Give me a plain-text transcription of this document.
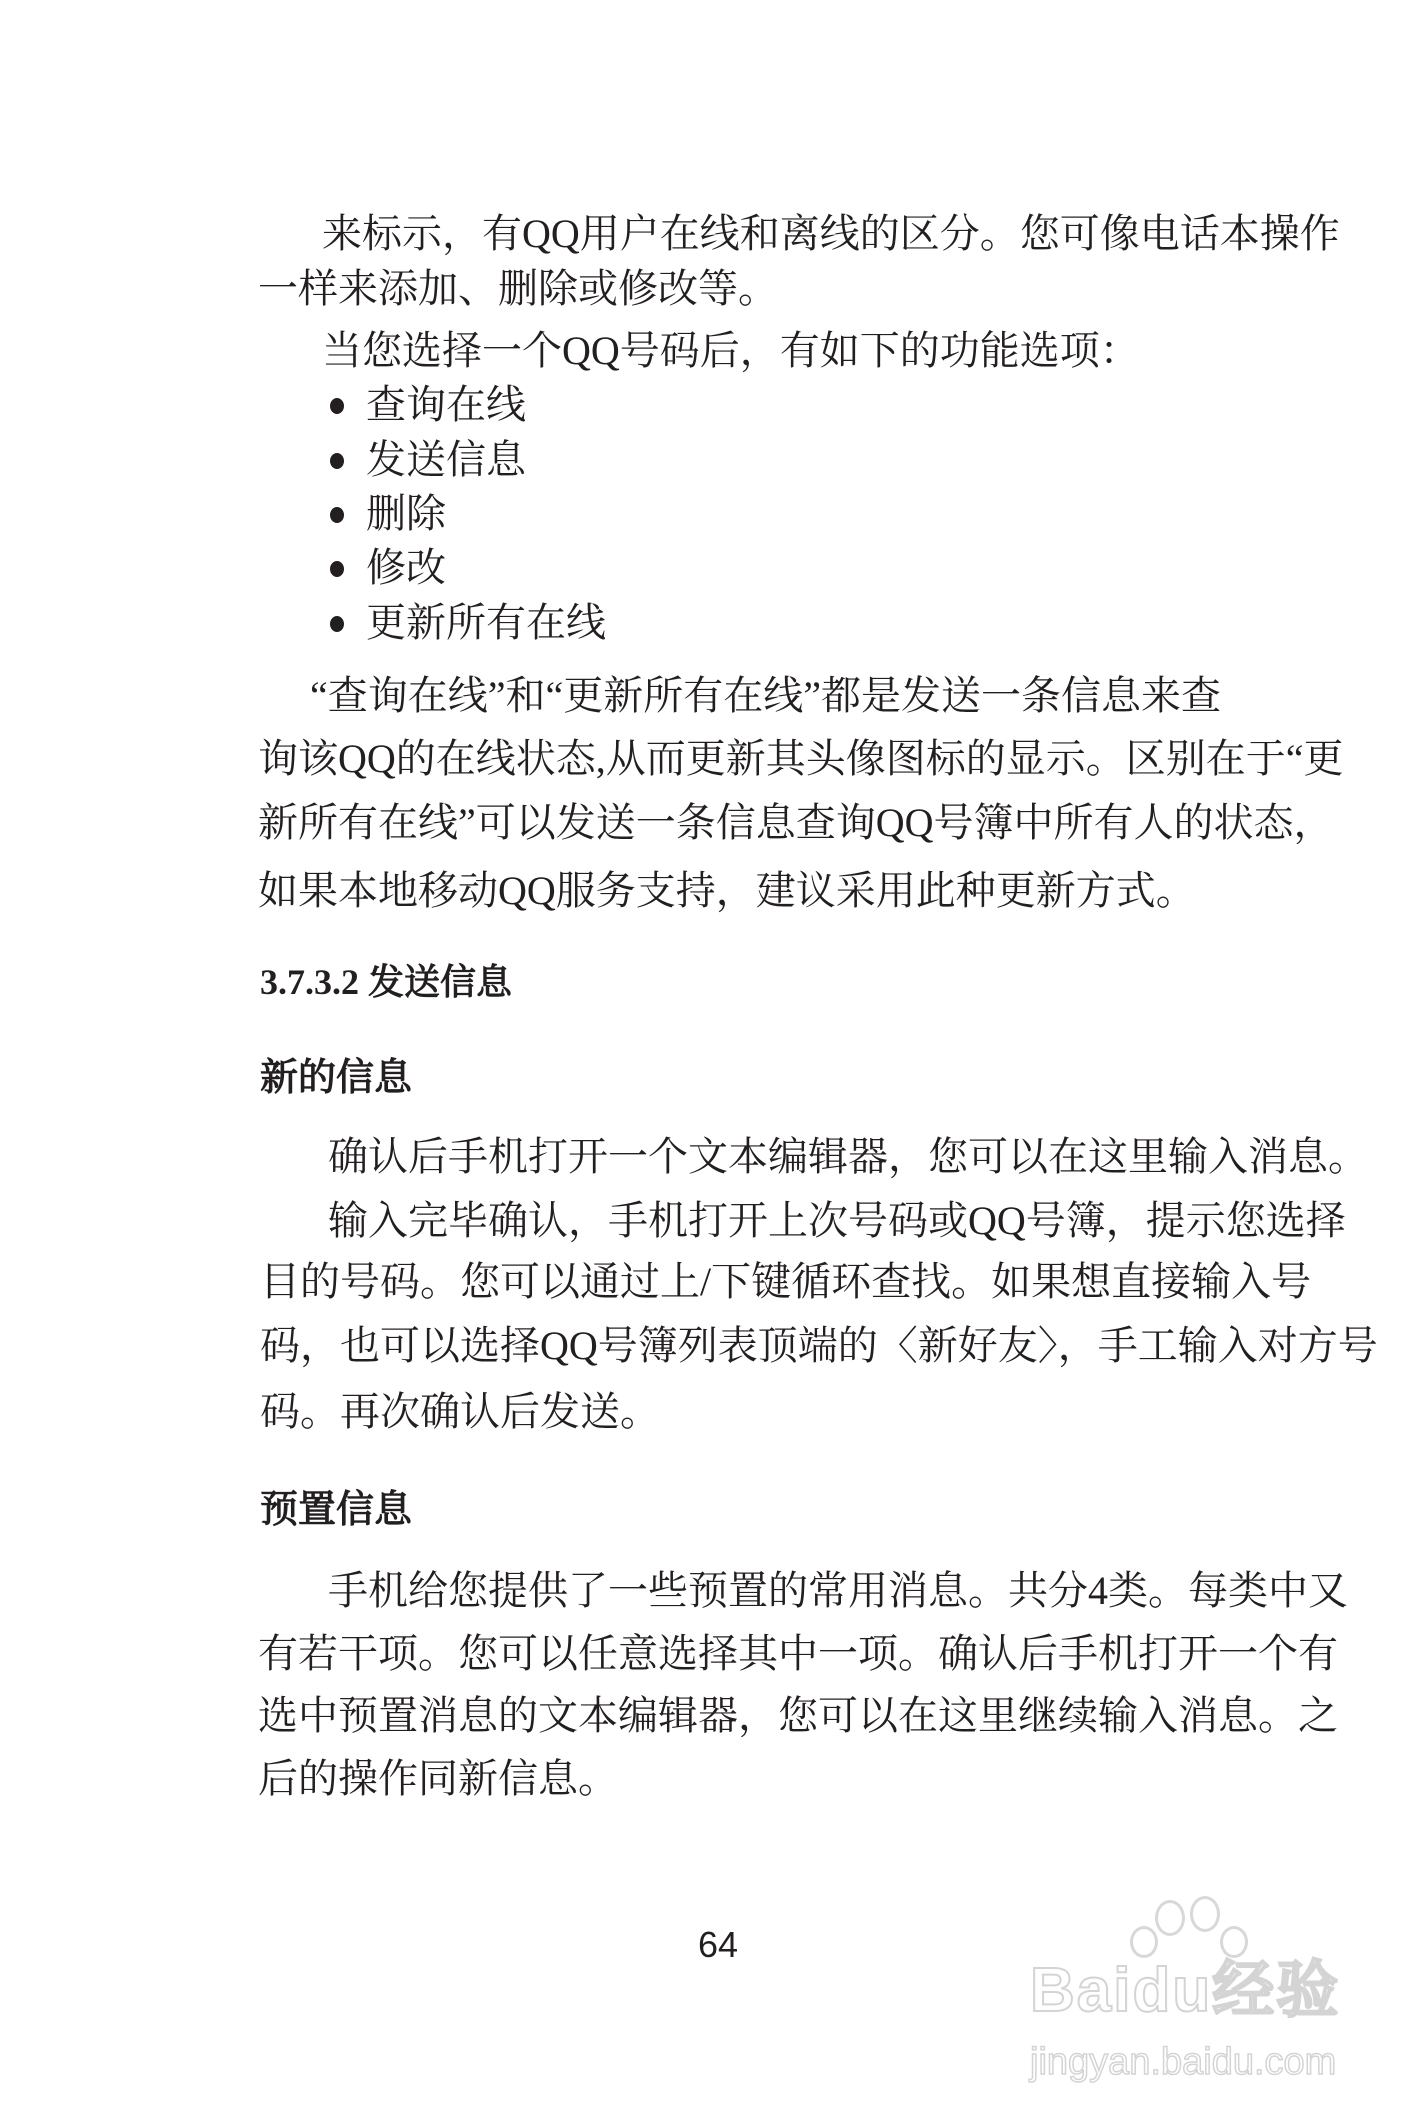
来标示，有QQ用户在线和离线的区分。您可像电话本操作
一样来添加、删除或修改等。
当您选择一个QQ号码后，有如下的功能选项：
查询在线
发送信息
删除
修改
更新所有在线
“查询在线”和“更新所有在线”都是发送一条信息来查
询该QQ的在线状态,从而更新其头像图标的显示。区别在于“更
新所有在线”可以发送一条信息查询QQ号簿中所有人的状态，
如果本地移动QQ服务支持，建议采用此种更新方式。
3.7.3.2 发送信息
新的信息
确认后手机打开一个文本编辑器，您可以在这里输入消息。
输入完毕确认，手机打开上次号码或QQ号簿，提示您选择
目的号码。您可以通过上/下键循环查找。如果想直接输入号
码，也可以选择QQ号簿列表顶端的〈新好友〉，手工输入对方号
码。再次确认后发送。
预置信息
手机给您提供了一些预置的常用消息。共分4类。每类中又
有若干项。您可以任意选择其中一项。确认后手机打开一个有
选中预置消息的文本编辑器，您可以在这里继续输入消息。之
后的操作同新信息。
64
Baidu经验
jingyan.baidu.com
